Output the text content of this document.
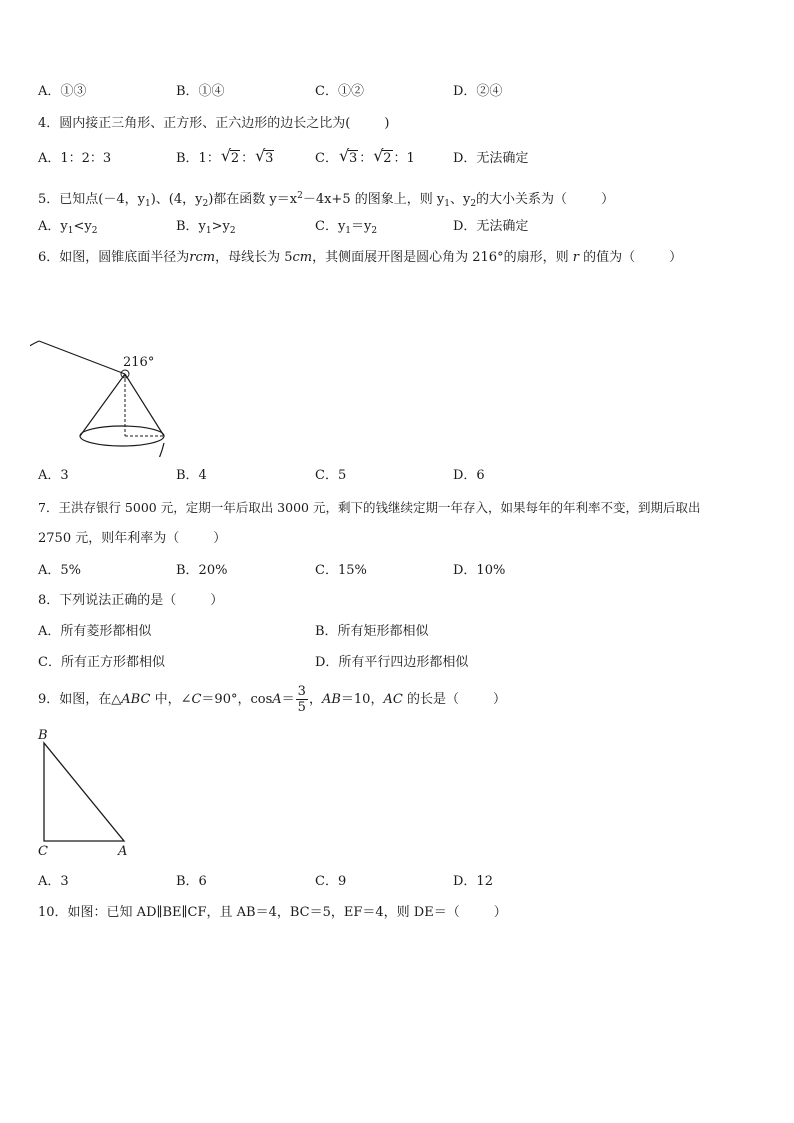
A．①③	B．①④	C．①②	D．②④
4．圆内接正三角形、正方形、正六边形的边长之比为(	)
A．1：2：3	B．1： √ 2 ： √ 3	C． √ 3 ： √ 2 ：1	D．无法确定
5．已知点(－4，$y_1$)、(4，$y_2$)都在函数 $y=x^2-4x+5$ 的图象上，则 $y_1$、$y_2$的大小关系为（	）
A．$y_1<y_2$	B．$y_1>y_2$	C．$y_1=y_2$	D．无法确定
6．如图，圆锥底面半径为rcm，母线长为 5cm，其侧面展开图是圆心角为 216°的扇形，则 r 的值为（	）
216°
A．3	B．4	C．5	D．6
7．王洪存银行 5000 元，定期一年后取出 3000 元，剩下的钱继续定期一年存入，如果每年的年利率不变，到期后取出
2750 元，则年利率为（	）
A．5%	B．20%	C．15%	D．10%
8．下列说法正确的是（	）
A．所有菱形都相似	B．所有矩形都相似
C．所有正方形都相似	D．所有平行四边形都相似
9．如图，在△ABC 中，∠C＝90°，$\cos A= \frac{3}{5}$ ，AB＝10，AC 的长是（	）
B
C	A
A．3	B．6	C．9	D．12
10．如图：已知 AD∥BE∥CF，且 AB＝4，BC＝5，EF＝4，则 DE＝（	）
